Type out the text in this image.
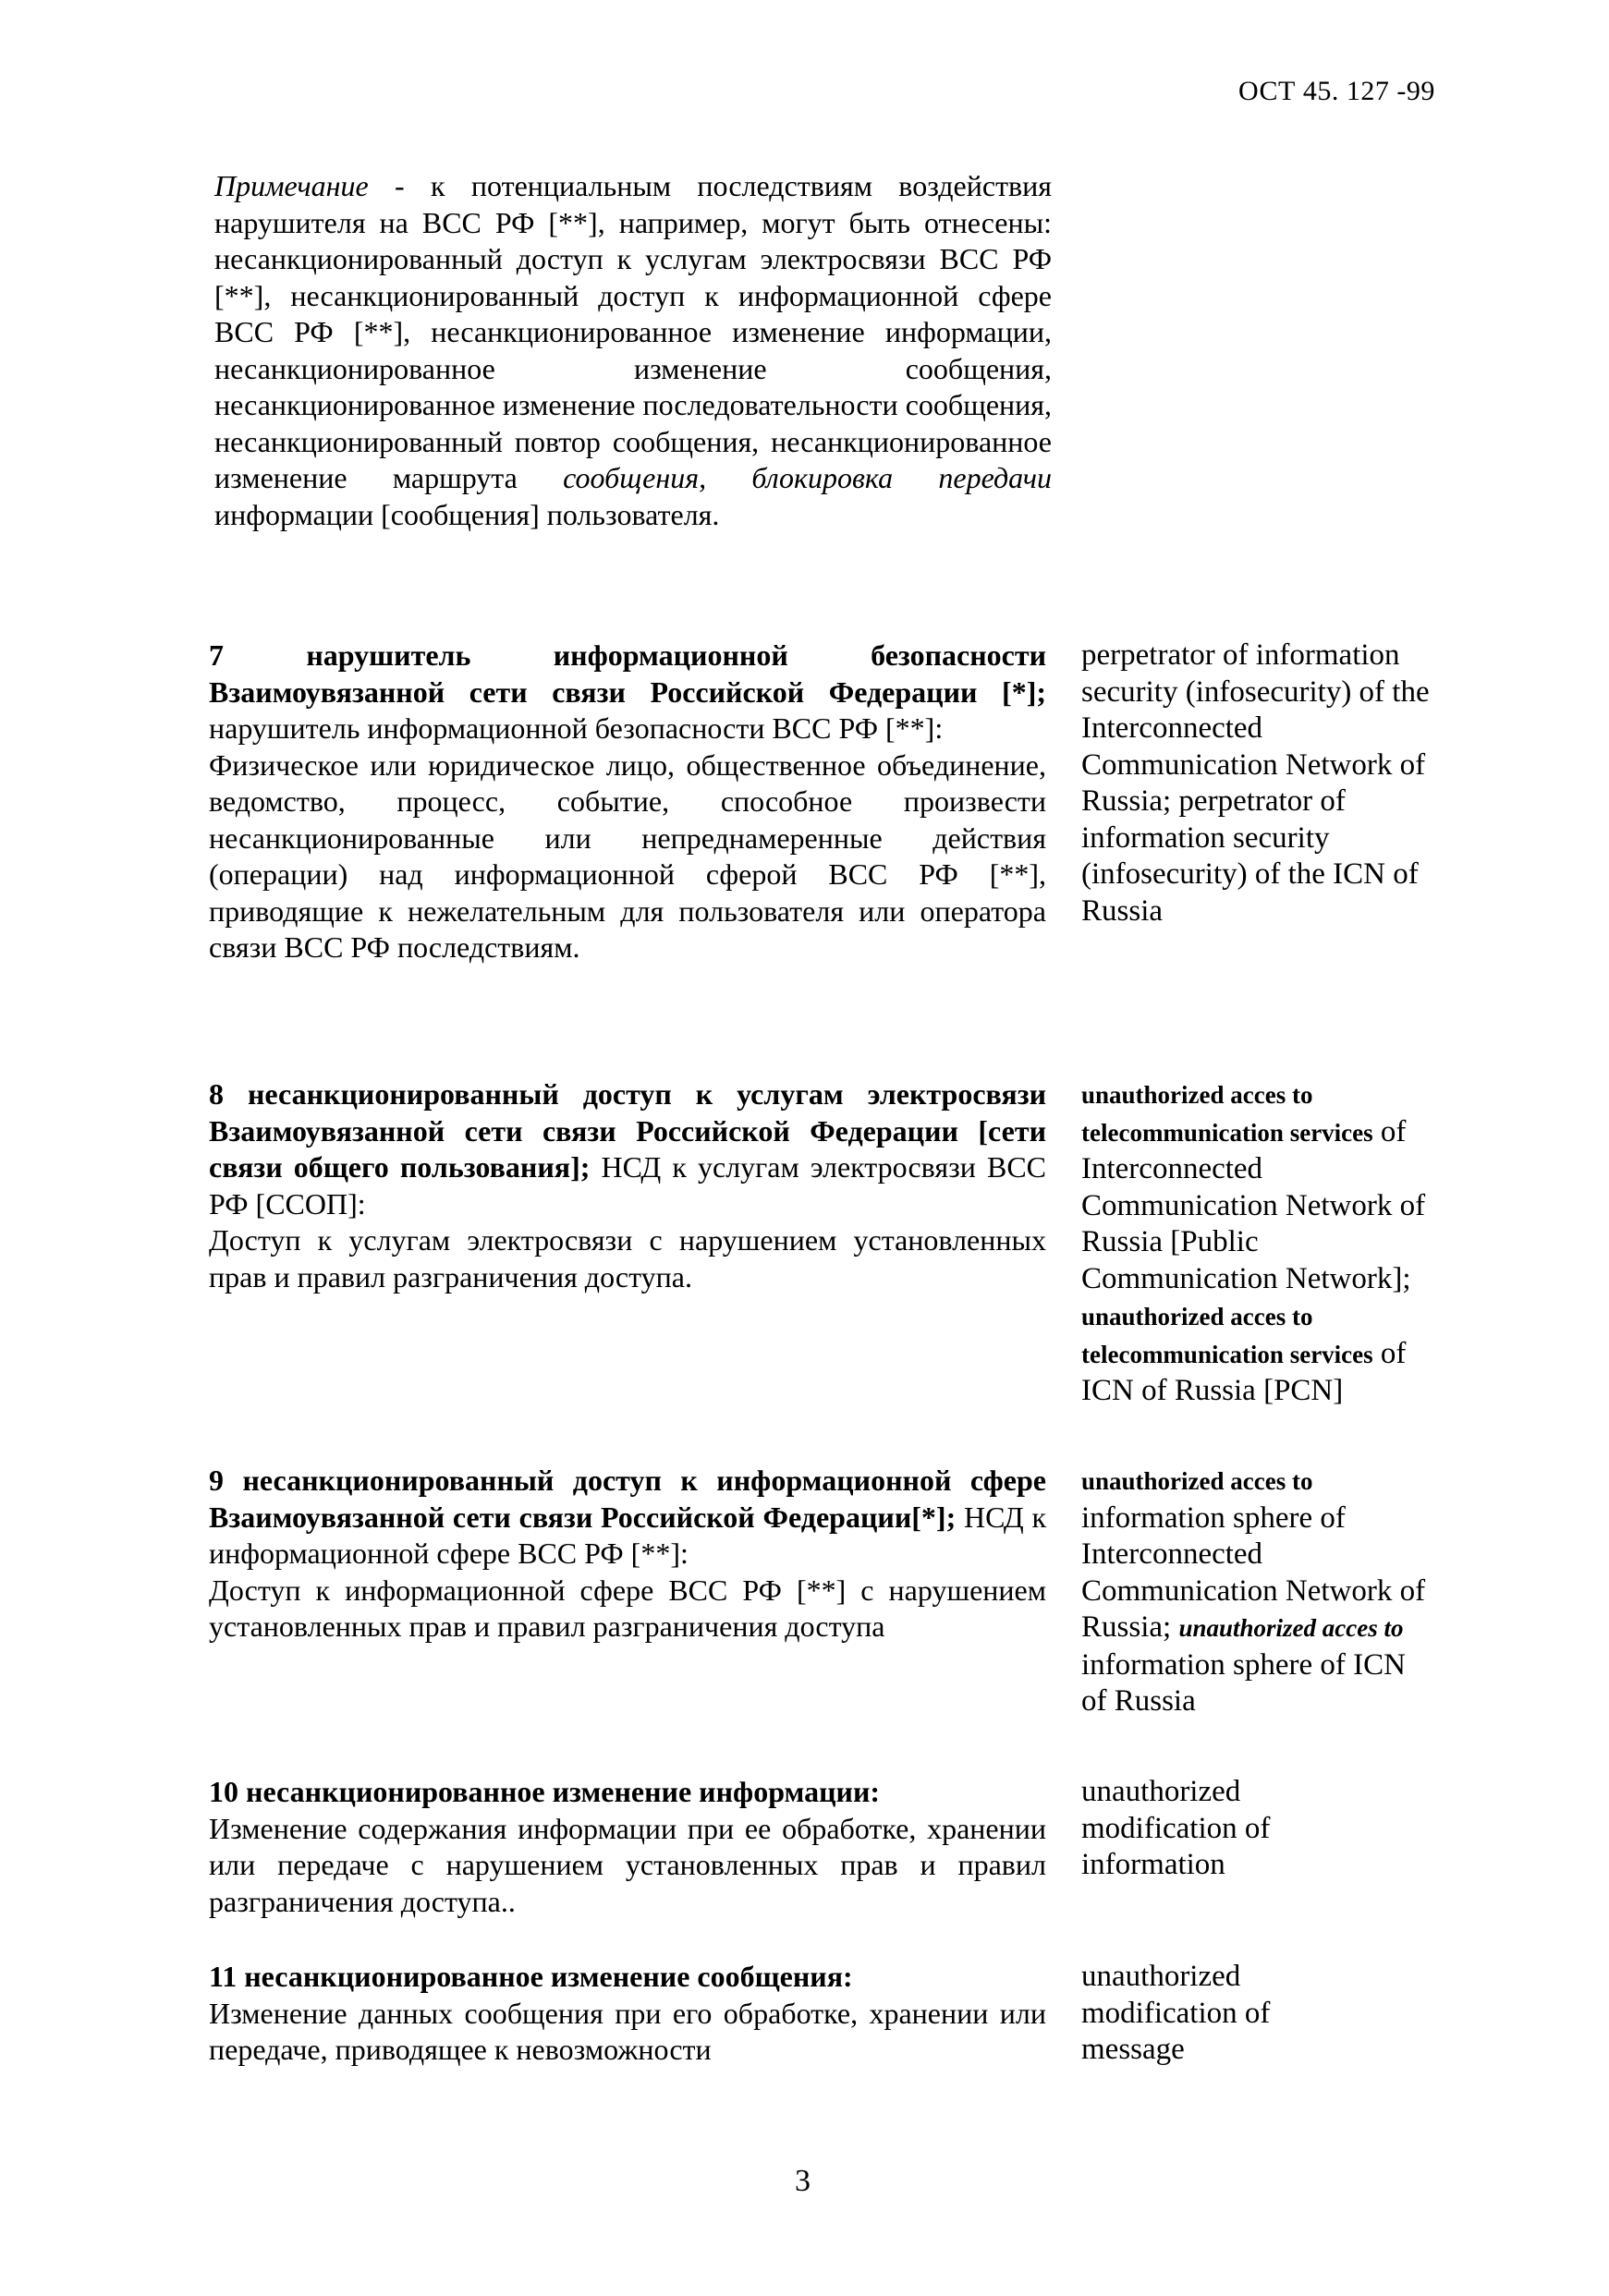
ОСТ 45. 127 -99
Примечание - к потенциальным последствиям воздействия нарушителя на ВСС РФ [**], например, могут быть отнесены: несанкционированный доступ к услугам электросвязи ВСС РФ [**], несанкционированный доступ к информационной сфере ВСС РФ [**], несанкционированное изменение информации, несанкционированное изменение сообщения, несанкционированное изменение последовательности сообщения, несанкционированный повтор сообщения, несанкционированное изменение маршрута сообщения, блокировка передачи информации [сообщения] пользователя.
7	нарушитель информационной безопасности Взаимоувязанной сети связи Российской Федерации [*]; нарушитель информационной безопасности ВСС РФ [**]:
Физическое или юридическое лицо, общественное объединение, ведомство, процесс, событие, способное произвести несанкционированные или непреднамеренные действия (операции) над информационной сферой ВСС РФ [**], приводящие к нежелательным для пользователя или оператора связи ВСС РФ последствиям.
perpetrator of information security (infosecurity) of the Interconnected Communication Network of Russia; perpetrator of information security (infosecurity) of the ICN of Russia
8 несанкционированный доступ к услугам электросвязи Взаимоувязанной сети связи Российской Федерации [сети связи общего пользования]; НСД к услугам электросвязи ВСС РФ [ССОП]:
Доступ к услугам электросвязи с нарушением установленных прав и правил разграничения доступа.
unauthorized acces to telecommunication services of Interconnected Communication Network of Russia [Public Communication Network]; unauthorized acces to telecommunication services of ICN of Russia [PCN]
9 несанкционированный доступ к информационной сфере Взаимоувязанной сети связи Российской Федерации[*]; НСД к информационной сфере ВСС РФ [**]:
Доступ к информационной сфере ВСС РФ [**] с нарушением установленных прав и правил разграничения доступа
unauthorized acces to information sphere of Interconnected Communication Network of Russia; unauthorized acces to information sphere of ICN of Russia
10 несанкционированное изменение информации:
Изменение содержания информации при ее обработке, хранении или передаче с нарушением установленных прав и правил разграничения доступа..
unauthorized modification of information
11 несанкционированное изменение сообщения:
Изменение данных сообщения при его обработке, хранении или передаче, приводящее к невозможности
unauthorized modification of message
3
